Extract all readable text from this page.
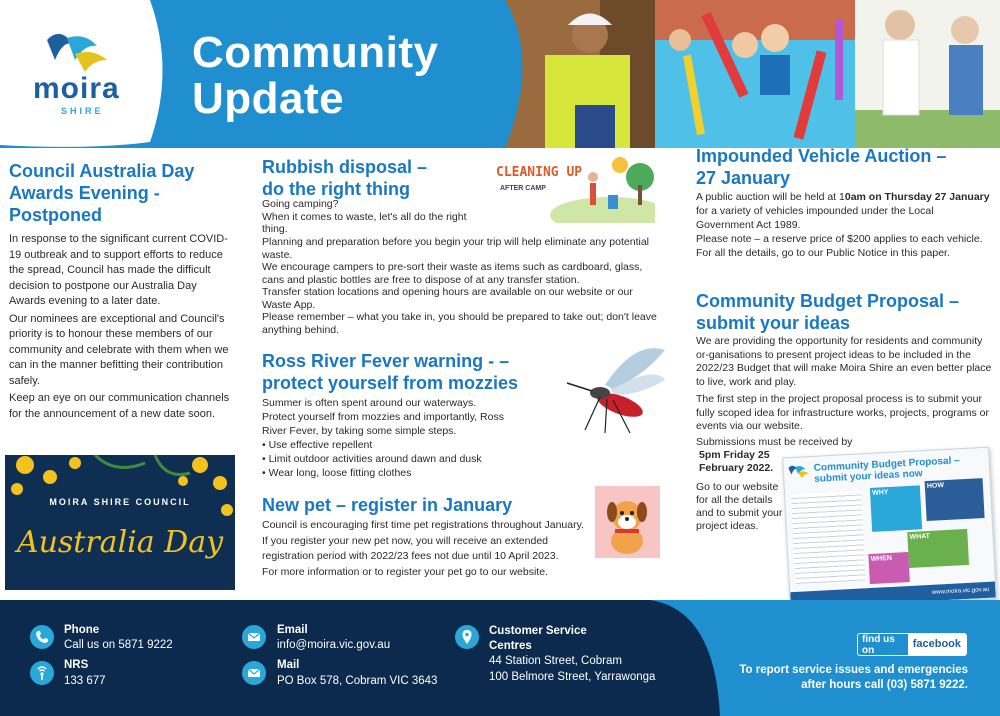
moira
SHIRE
Community
Update
Council Australia Day Awards Evening - Postponed

In response to the significant current COVID-19 outbreak and to support efforts to reduce the spread, Council has made the difficult decision to postpone our Australia Day Awards evening to a later date.

Our nominees are exceptional and Council's priority is to honour these members of our community and celebrate with them when we can in the manner befitting their contribution safely.

Keep an eye on our communication channels for the announcement of a new date soon.

MOIRA SHIRE COUNCIL
Australia Day
Rubbish disposal –
do the right thing
CLEANING UP
AFTER CAMP

Going camping?

When it comes to waste, let's all do the right thing.

Planning and preparation before you begin your trip will help eliminate any potential waste.

We encourage campers to pre-sort their waste as items such as cardboard, glass, cans and plastic bottles are free to dispose of at any transfer station.

Transfer station locations and opening hours are available on our website or our Waste App.

Please remember – what you take in, you should be prepared to take out; don't leave anything behind.

Ross River Fever warning - –
protect yourself from mozzies

Summer is often spent around our waterways.

Protect yourself from mozzies and importantly, Ross River Fever, by taking some simple steps.

• Use effective repellent
• Limit outdoor activities around dawn and dusk
• Wear long, loose fitting clothes
New pet – register in January

Council is encouraging first time pet registrations throughout January.

If you register your new pet now, you will receive an extended registration period with 2022/23 fees not due until 10 April 2023.

For more information or to register your pet go to our website.

Impounded Vehicle Auction –
27 January

A public auction will be held at 10am on Thursday 27 January for a variety of vehicles impounded under the Local Government Act 1989.

Please note – a reserve price of $200 applies to each vehicle.

For all the details, go to our Public Notice in this paper.

Community Budget Proposal –
submit your ideas

We are providing the opportunity for residents and community or-ganisations to present project ideas to be included in the 2022/23 Budget that will make Moira Shire an even better place to live, work and play.

The first step in the project proposal process is to submit your fully scoped idea for infrastructure works, projects, programs or events via our website.

Submissions must be received by

5pm Friday 25 February 2022.

Go to our website for all the details and to submit your project ideas.

Community Budget Proposal – submit your ideas now
WHY
HOW
WHAT
WHEN
www.moira.vic.gov.au
Phone
Call us on 5871 9222
NRS
133 677
Email
info@moira.vic.gov.au
Mail
PO Box 578, Cobram VIC 3643
Customer Service Centres
44 Station Street, Cobram
100 Belmore Street, Yarrawonga
find us on	facebook
To report service issues and emergencies
after hours call (03) 5871 9222.
